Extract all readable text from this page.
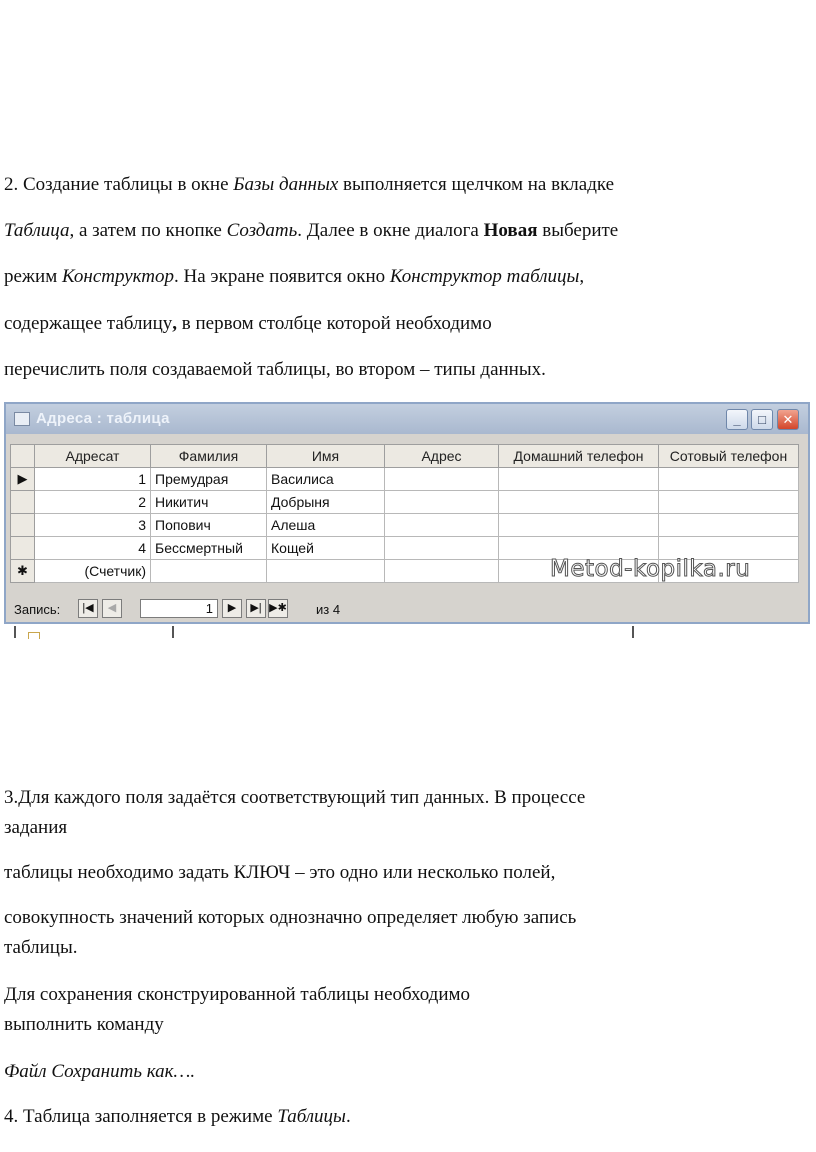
2. Создание таблицы в окне Базы данных выполняется щелчком на вкладке
Таблица, а затем по кнопке Создать. Далее в окне диалога Новая выберите
режим Конструктор. На экране появится окно Конструктор таблицы,
содержащее таблицу, в первом столбце которой необходимо
перечислить поля создаваемой таблицы, во втором – типы данных.
Адреса : таблица	_	□	✕
	Адресат	Фамилия	Имя	Адрес	Домашний телефон	Сотовый телефон
▶	1	Премудрая	Василиса			
	2	Никитич	Добрыня			
	3	Попович	Алеша			
	4	Бессмертный	Кощей			
✱	(Счетчик)						Metod-kopilka.ru
Запись:	|◀	◀	1	▶	▶| ▶✱ из 4
3.Для каждого поля задаётся соответствующий тип данных. В процессе
задания
таблицы необходимо задать КЛЮЧ – это одно или несколько полей,
совокупность значений которых однозначно определяет любую запись
таблицы.
Для сохранения сконструированной таблицы необходимо
выполнить команду
Файл Сохранить как….
4. Таблица заполняется в режиме Таблицы.
